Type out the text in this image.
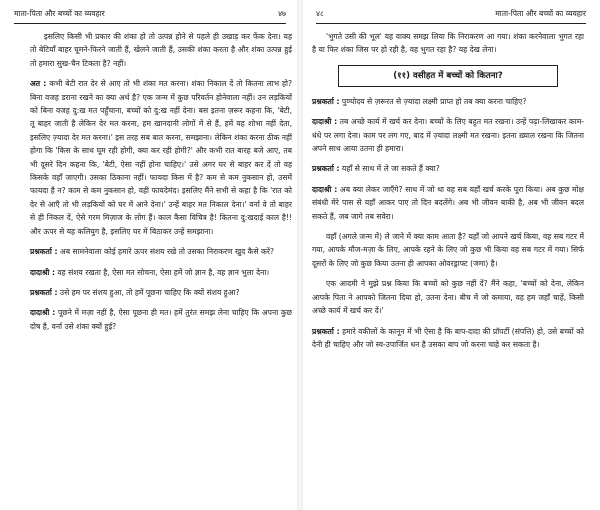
माता-पिता और बच्चों का व्यवहार	४७

इसलिए किसी भी प्रकार की शंका हो तो उत्पन्न होने से पहले ही उखाड़ कर फेंक देना। यह तो बेटियाँ बाहर घूमने-फिरने जाती हैं, खेलने जाती हैं, उसकी शंका करता है और शंका उत्पन्न हुई तो हमारा सुख-चैन टिकता है? नहीं।

अत : कभी बेटी रात देर से आए तो भी शंका मत करना। शंका निकाल दें तो कितना लाभ हो? बिना वजह डराना रखने का क्या अर्थ है? एक जन्म में कुछ परिवर्तन होनेवाला नहीं। उन लड़कियों को बिना वजह दु:ख मत पहुँचाना, बच्चों को दु:ख नहीं देना। बस इतना ज़रूर कहना कि, 'बेटी, तू बाहर जाती है लेकिन देर मत करना, हम खानदानी लोगों में से हैं, हमें यह शोभा नहीं देता, इसलिए ज़्यादा देर मत करना।' इस तरह सब बात करना, समझाना। लेकिन शंका करना ठीक नहीं होगा कि 'किस के साथ घूम रही होगी, क्या कर रही होगी?' और कभी रात बारह बजे आए, तब भी दूसरे दिन कहना कि, 'बेटी, ऐसा नहीं होना चाहिए।' उसे अगर घर से बाहर कर दें तो वह किसके वहाँ जाएगी। उसका ठिकाना नहीं। फायदा किस में है? कम से कम नुकसान हो, उसमें फायदा है न? काम से कम नुकसान हो, वही फायदेमंद। इसलिए मैंने सभी से कहा है कि 'रात को देर से आएँ तो भी लड़कियों को घर में आने देना।' उन्हें बाहर मत निकाल देना।' वर्ना वे तो बाहर से ही निकल दें, ऐसे गरम मिज़ाज के लोग हैं। काल कैसा विचित्र है! कितना दु:खदाई काल है!! और ऊपर से यह कलियुग है, इसलिए घर में बिठाकर उन्हें समझाना।

प्रश्नकर्ता : अब सामनेवाला कोई हमारे ऊपर संशय रखे तो उसका निराकरण खुद कैसे करें?

दादाश्री : वह संशय रखता है, ऐसा मत सोचना, ऐसा हमें जो ज्ञान है, वह ज्ञान भुला देना।

प्रश्नकर्ता : उसे हम पर संशय हुआ, तो हमें पूछना चाहिए कि क्यों संशय हुआ?

दादाश्री : पूछने में मज़ा नहीं है, ऐसा पूछना ही मत। हमें तुरंत समझ लेना चाहिए कि अपना कुछ दोष है, वर्ना उसे शंका क्यों हुई?

४८	माता-पिता और बच्चों का व्यवहार

'भुगते उसी की भूल' यह वाक्य समझ लिया कि निराकरण आ गया। शंका करनेवाला भुगत रहा है या फिर शंका जिस पर हो रही है, वह भुगत रहा है? यह देख लेना।

(११) वसीहत में बच्चों को कितना?

प्रश्नकर्ता : पुण्योदय से ज़रूरत से ज़्यादा लक्ष्मी प्राप्त हो तब क्या करना चाहिए?

दादाश्री : तब अच्छे कार्य में खर्च कर देना। बच्चों के लिए बहुत मत रखना। उन्हें पढ़ा-लिखाकर काम-धंधे पर लगा देना। काम पर लग गए, बाद में ज़्यादा लक्ष्मी मत रखना। इतना ख़्याल रखना कि जितना अपने साथ आया उतना ही हमारा।

प्रश्नकर्ता : यहाँ से साथ में ले जा सकते हैं क्या?

दादाश्री : अब क्या लेकर जाएँगे? साथ में जो था वह सब यहाँ खर्च करके पूरा किया। अब कुछ मोक्ष संबंधी मेरे पास से यहाँ आकर पाए तो दिन बदलेंगे। अब भी जीवन बाकी है, अब भी जीवन बदल सकते हैं, जब जागे तब सवेरा।

वहाँ (अगले जन्म में) ले जाने में क्या काम आता है? यहाँ जो आपने खर्च किया, वह सब गटर में गया, आपके मौज-मज़ा के लिए, आपके रहने के लिए जो कुछ भी किया वह सब गटर में गया। सिर्फ दूसरों के लिए जो कुछ किया उतना ही आपका ओवरड्राफ्ट (जमा) है।

एक आदमी ने मुझे प्रश्न किया कि बच्चों को कुछ नहीं दें? मैंने कहा, 'बच्चों को देना, लेकिन आपके पिता ने आपको जितना दिया हो, उतना देना। बीच में जो कमाया, वह हम जहाँ चाहें, किसी अच्छे कार्य में खर्च कर दें।'

प्रश्नकर्ता : हमारे वकीलों के कानून में भी ऐसा है कि बाप-दादा की प्रॉपर्टी (संपत्ति) हो, उसे बच्चों को देनी ही चाहिए और जो स्व-उपार्जित धन है उसका बाप जो करना चाहे कर सकता है।
